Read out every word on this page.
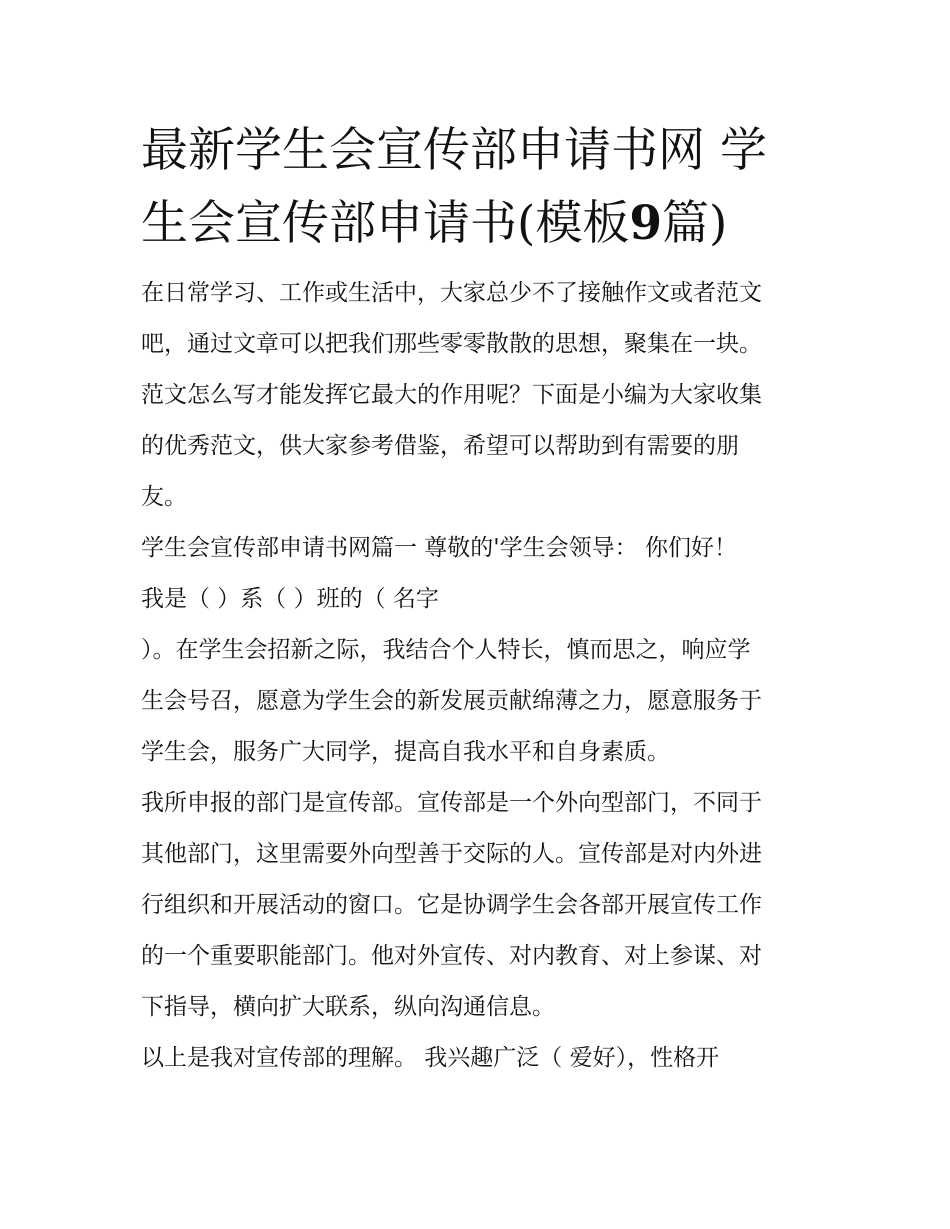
最新学生会宣传部申请书网 学
生会宣传部申请书(模板9篇)

在日常学习、工作或生活中，大家总少不了接触作文或者范文
吧，通过文章可以把我们那些零零散散的思想，聚集在一块。
范文怎么写才能发挥它最大的作用呢？下面是小编为大家收集
的优秀范文，供大家参考借鉴，希望可以帮助到有需要的朋
友。

学生会宣传部申请书网篇一 尊敬的'学生会领导： 你们好！

我是（ ）系（ ）班的（ 名字
）。在学生会招新之际，我结合个人特长，慎而思之，响应学
生会号召，愿意为学生会的新发展贡献绵薄之力，愿意服务于
学生会，服务广大同学，提高自我水平和自身素质。

我所申报的部门是宣传部。宣传部是一个外向型部门，不同于
其他部门，这里需要外向型善于交际的人。宣传部是对内外进
行组织和开展活动的窗口。它是协调学生会各部开展宣传工作
的一个重要职能部门。他对外宣传、对内教育、对上参谋、对
下指导，横向扩大联系，纵向沟通信息。

以上是我对宣传部的理解。 我兴趣广泛（ 爱好），性格开
